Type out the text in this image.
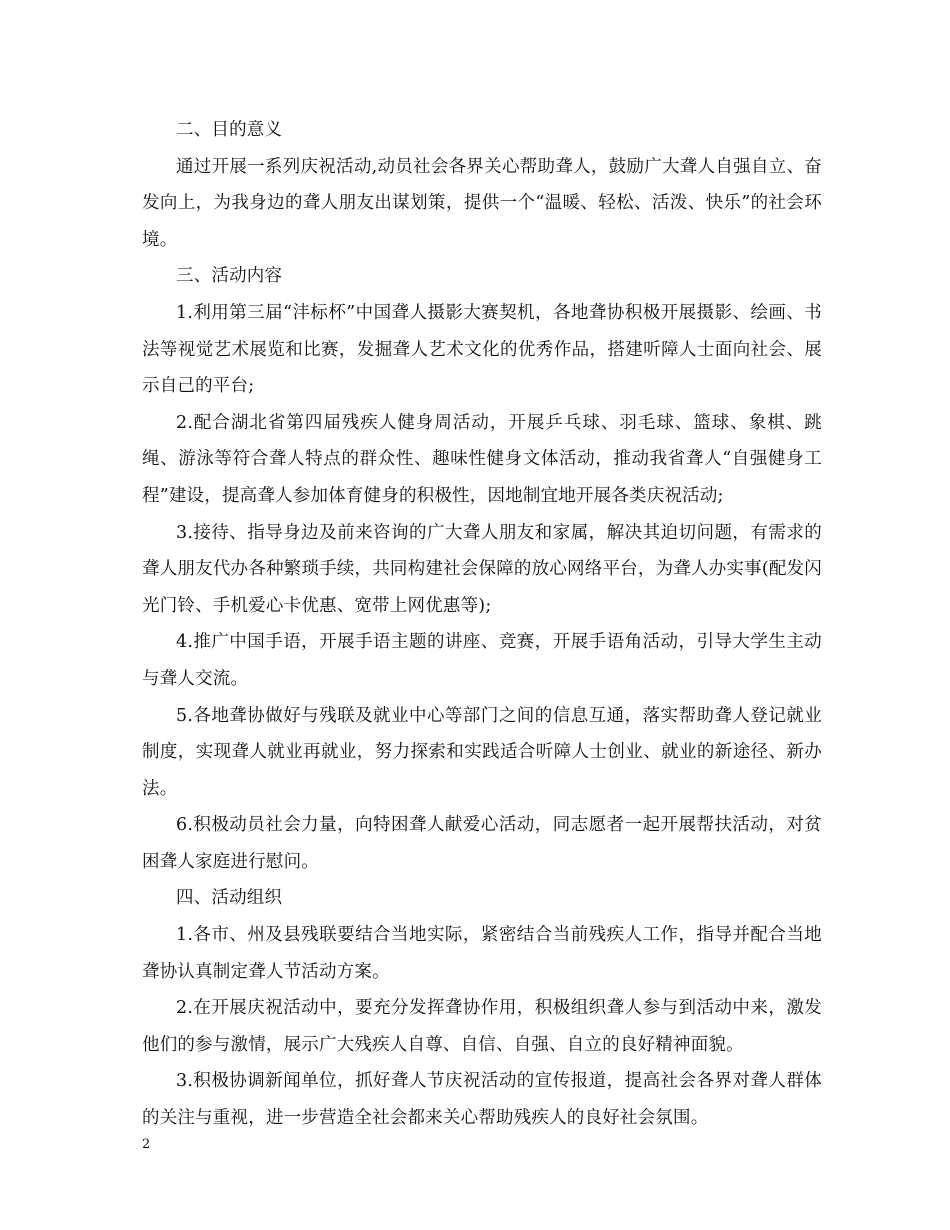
二、目的意义

通过开展一系列庆祝活动,动员社会各界关心帮助聋人，鼓励广大聋人自强自立、奋发向上，为我身边的聋人朋友出谋划策，提供一个“温暖、轻松、活泼、快乐”的社会环境。

三、活动内容

1.利用第三届“沣标杯”中国聋人摄影大赛契机，各地聋协积极开展摄影、绘画、书法等视觉艺术展览和比赛，发掘聋人艺术文化的优秀作品，搭建听障人士面向社会、展示自己的平台;

2.配合湖北省第四届残疾人健身周活动，开展乒乓球、羽毛球、篮球、象棋、跳绳、游泳等符合聋人特点的群众性、趣味性健身文体活动，推动我省聋人“自强健身工程”建设，提高聋人参加体育健身的积极性，因地制宜地开展各类庆祝活动;

3.接待、指导身边及前来咨询的广大聋人朋友和家属，解决其迫切问题，有需求的聋人朋友代办各种繁琐手续，共同构建社会保障的放心网络平台，为聋人办实事(配发闪光门铃、手机爱心卡优惠、宽带上网优惠等);

4.推广中国手语，开展手语主题的讲座、竞赛，开展手语角活动，引导大学生主动与聋人交流。

5.各地聋协做好与残联及就业中心等部门之间的信息互通，落实帮助聋人登记就业制度，实现聋人就业再就业，努力探索和实践适合听障人士创业、就业的新途径、新办法。

6.积极动员社会力量，向特困聋人献爱心活动，同志愿者一起开展帮扶活动，对贫困聋人家庭进行慰问。

四、活动组织

1.各市、州及县残联要结合当地实际，紧密结合当前残疾人工作，指导并配合当地聋协认真制定聋人节活动方案。

2.在开展庆祝活动中，要充分发挥聋协作用，积极组织聋人参与到活动中来，激发他们的参与激情，展示广大残疾人自尊、自信、自强、自立的良好精神面貌。

3.积极协调新闻单位，抓好聋人节庆祝活动的宣传报道，提高社会各界对聋人群体的关注与重视，进一步营造全社会都来关心帮助残疾人的良好社会氛围。

2
